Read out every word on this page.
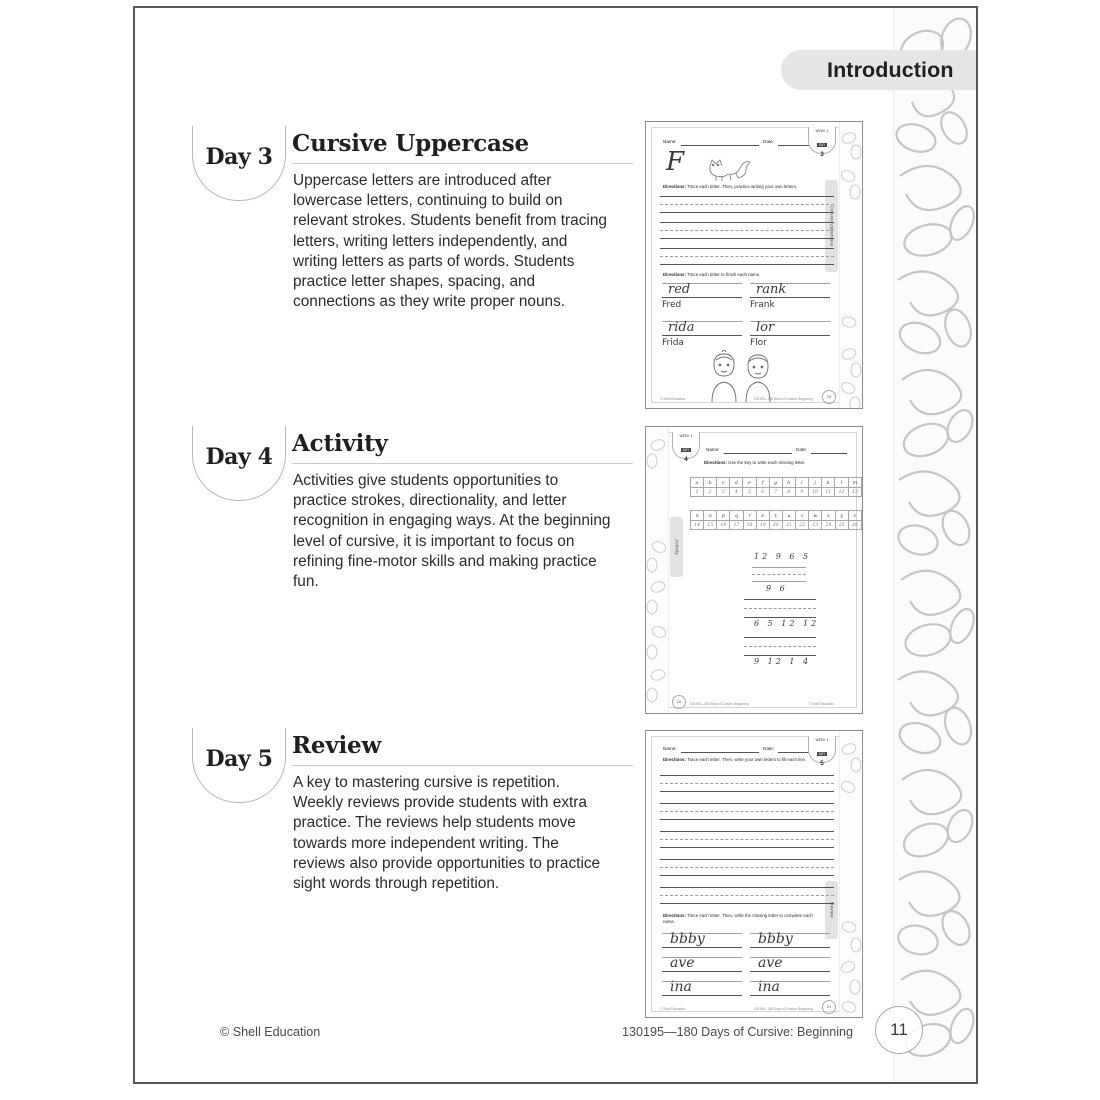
Introduction
Day 3 Cursive Uppercase
Uppercase letters are introduced after lowercase letters, continuing to build on relevant strokes. Students benefit from tracing letters, writing letters independently, and writing letters as parts of words. Students practice letter shapes, spacing, and connections as they write proper nouns.
Day 4 Activity
Activities give students opportunities to practice strokes, directionality, and letter recognition in engaging ways. At the beginning level of cursive, it is important to focus on refining fine-motor skills and making practice fun.
Day 5 Review
A key to mastering cursive is repetition. Weekly reviews provide students with extra practice. The reviews help students move towards more independent writing. The reviews also provide opportunities to practice sight words through repetition.
Cursive Uppercase
WEEK 1
DAY
3
Name:	Date:
F
Directions: Trace each letter. Then, practice writing your own letters.
Directions: Trace each letter to finish each name.
red
Fred
rank
Frank
rida
Frida
lor
Flor
© Shell Education	130195—180 Days of Cursive: Beginning	19
Activity
WEEK 1
DAY
4
Name:	Date:
Directions: Use the key to write each missing letter.
a	b	c	d	e	f	g	h	i	j	k	l	m
1	2	3	4	5	6	7	8	9	10	11	12	13
n	o	p	q	r	s	t	u	v	w	x	y	z
14	15	16	17	18	19	20	21	22	23	24	25	26
12 9 6 5
9 6
6 5 12 12
9 12 1 4
16	130195—180 Days of Cursive: Beginning	© Shell Education
Review
WEEK 1
DAY
5
Name:	Date:
Directions: Trace each letter. Then, write your own letters to fill each line.
Directions: Trace each letter. Then, write the missing letter to complete each name.
bbby	bbby
ave	ave
ina	ina
© Shell Education	130195—180 Days of Cursive: Beginning	21
© Shell Education	130195—180 Days of Cursive: Beginning	11
